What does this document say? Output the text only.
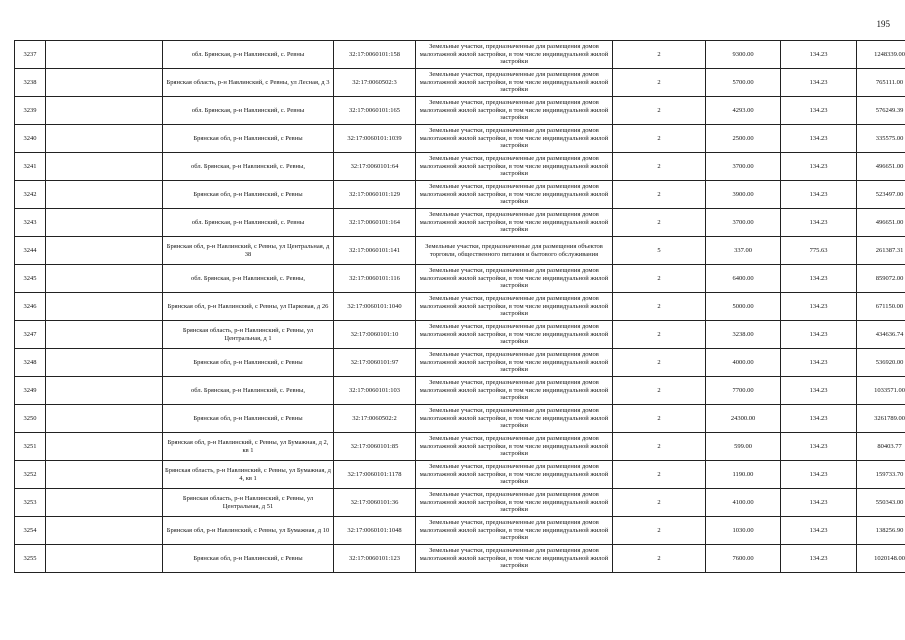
195
3237		обл. Брянская, р-н Навлинский, с. Ревны	32:17:0060101:158	Земельные участки, предназначенные для размещения домов малоэтажной жилой застройки, в том числе индивидуальной жилой застройки	2	9300.00	134.23	1248339.00
3238		Брянская область, р-н Навлинский, с Ревны, ул Лесная, д 3	32:17:0060502:3	Земельные участки, предназначенные для размещения домов малоэтажной жилой застройки, в том числе индивидуальной жилой застройки	2	5700.00	134.23	765111.00
3239		обл. Брянская, р-н Навлинский, с. Ревны	32:17:0060101:165	Земельные участки, предназначенные для размещения домов малоэтажной жилой застройки, в том числе индивидуальной жилой застройки	2	4293.00	134.23	576249.39
3240		Брянская обл, р-н Навлинский, с Ревны	32:17:0060101:1039	Земельные участки, предназначенные для размещения домов малоэтажной жилой застройки, в том числе индивидуальной жилой застройки	2	2500.00	134.23	335575.00
3241		обл. Брянская, р-н Навлинский, с. Ревны,	32:17:0060101:64	Земельные участки, предназначенные для размещения домов малоэтажной жилой застройки, в том числе индивидуальной жилой застройки	2	3700.00	134.23	496651.00
3242		Брянская обл, р-н Навлинский, с Ревны	32:17:0060101:129	Земельные участки, предназначенные для размещения домов малоэтажной жилой застройки, в том числе индивидуальной жилой застройки	2	3900.00	134.23	523497.00
3243		обл. Брянская, р-н Навлинский, с. Ревны	32:17:0060101:164	Земельные участки, предназначенные для размещения домов малоэтажной жилой застройки, в том числе индивидуальной жилой застройки	2	3700.00	134.23	496651.00
3244		Брянская обл, р-н Навлинский, с Ревны, ул Центральная, д 38	32:17:0060101:141	Земельные участки, предназначенные для размещения объектов торговли, общественного питания и бытового обслуживания	5	337.00	775.63	261387.31
3245		обл. Брянская, р-н Навлинский, с. Ревны,	32:17:0060101:116	Земельные участки, предназначенные для размещения домов малоэтажной жилой застройки, в том числе индивидуальной жилой застройки	2	6400.00	134.23	859072.00
3246		Брянская обл, р-н Навлинский, с Ревны, ул Парковая, д 26	32:17:0060101:1040	Земельные участки, предназначенные для размещения домов малоэтажной жилой застройки, в том числе индивидуальной жилой застройки	2	5000.00	134.23	671150.00
3247		Брянская область, р-н Навлинский, с Ревны, ул Центральная, д 1	32:17:0060101:10	Земельные участки, предназначенные для размещения домов малоэтажной жилой застройки, в том числе индивидуальной жилой застройки	2	3238.00	134.23	434636.74
3248		Брянская обл, р-н Навлинский, с Ревны	32:17:0060101:97	Земельные участки, предназначенные для размещения домов малоэтажной жилой застройки, в том числе индивидуальной жилой застройки	2	4000.00	134.23	536920.00
3249		обл. Брянская, р-н Навлинский, с. Ревны,	32:17:0060101:103	Земельные участки, предназначенные для размещения домов малоэтажной жилой застройки, в том числе индивидуальной жилой застройки	2	7700.00	134.23	1033571.00
3250		Брянская обл, р-н Навлинский, с Ревны	32:17:0060502:2	Земельные участки, предназначенные для размещения домов малоэтажной жилой застройки, в том числе индивидуальной жилой застройки	2	24300.00	134.23	3261789.00
3251		Брянская обл, р-н Навлинский, с Ревны, ул Бумажная, д 2, кв 1	32:17:0060101:85	Земельные участки, предназначенные для размещения домов малоэтажной жилой застройки, в том числе индивидуальной жилой застройки	2	599.00	134.23	80403.77
3252		Брянская область, р-н Навлинский, с Ревны, ул Бумажная, д 4, кв 1	32:17:0060101:1178	Земельные участки, предназначенные для размещения домов малоэтажной жилой застройки, в том числе индивидуальной жилой застройки	2	1190.00	134.23	159733.70
3253		Брянская область, р-н Навлинский, с Ревны, ул Центральная, д 51	32:17:0060101:36	Земельные участки, предназначенные для размещения домов малоэтажной жилой застройки, в том числе индивидуальной жилой застройки	2	4100.00	134.23	550343.00
3254		Брянская обл, р-н Навлинский, с Ревны, ул Бумажная, д 10	32:17:0060101:1048	Земельные участки, предназначенные для размещения домов малоэтажной жилой застройки, в том числе индивидуальной жилой застройки	2	1030.00	134.23	138256.90
3255		Брянская обл, р-н Навлинский, с Ревны	32:17:0060101:123	Земельные участки, предназначенные для размещения домов малоэтажной жилой застройки, в том числе индивидуальной жилой застройки	2	7600.00	134.23	1020148.00
